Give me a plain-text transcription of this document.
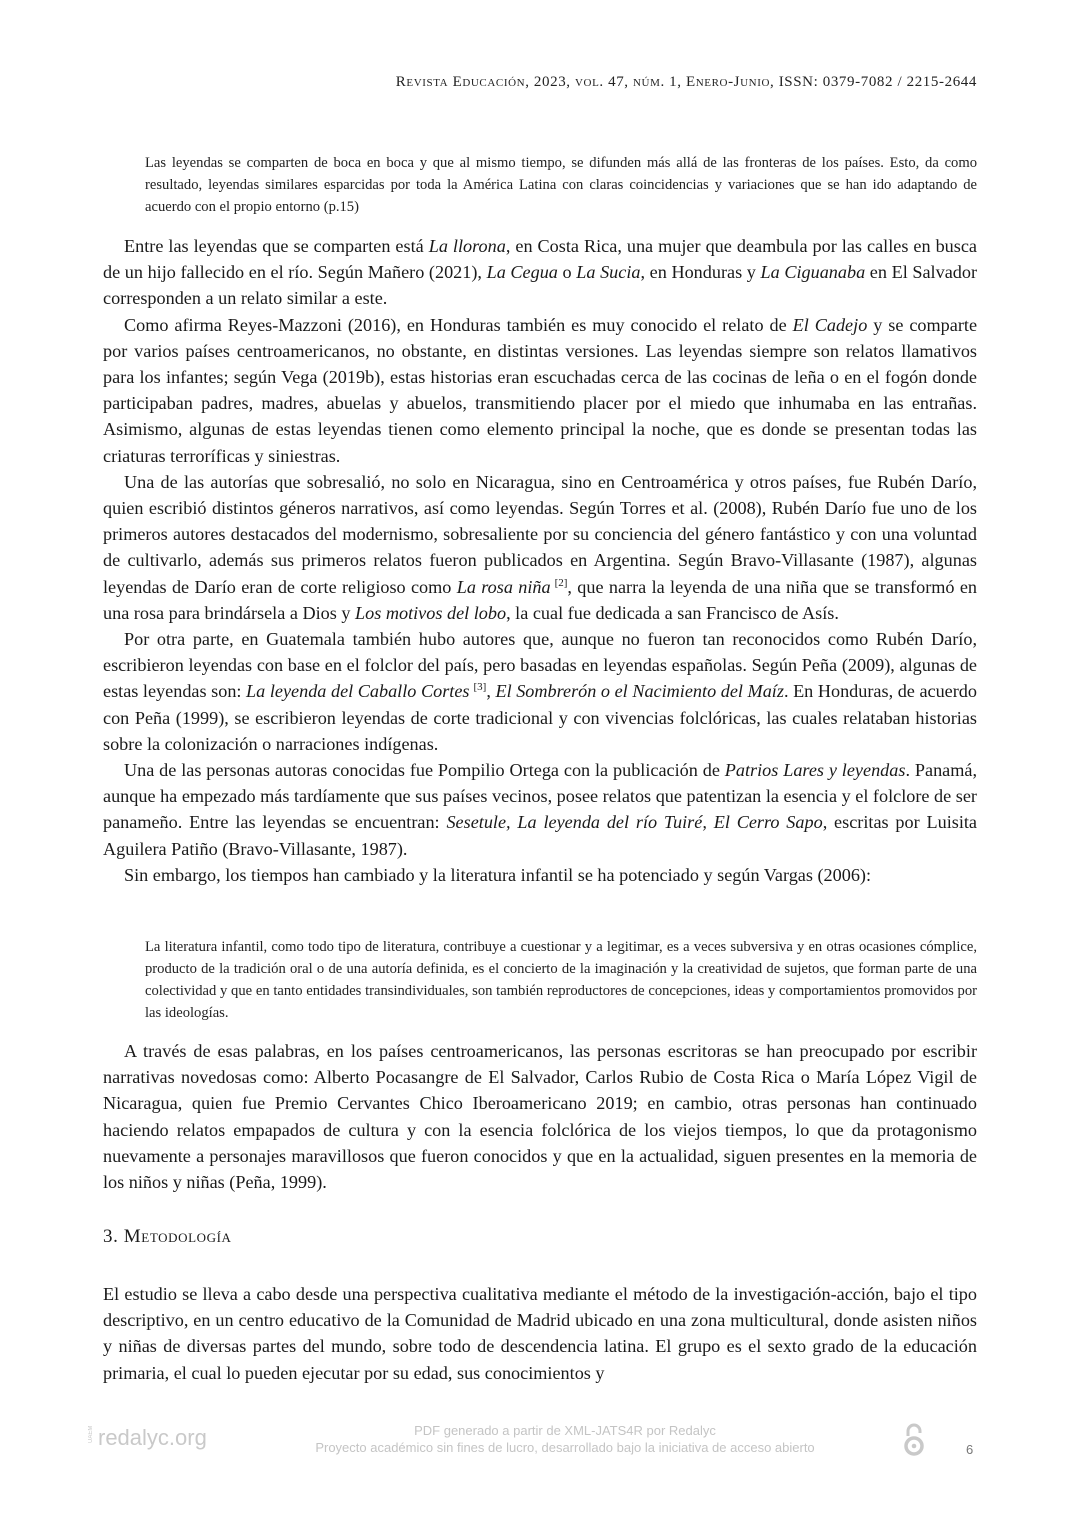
Revista Educación, 2023, vol. 47, núm. 1, Enero-Junio, ISSN: 0379-7082 / 2215-2644
Las leyendas se comparten de boca en boca y que al mismo tiempo, se difunden más allá de las fronteras de los países. Esto, da como resultado, leyendas similares esparcidas por toda la América Latina con claras coincidencias y variaciones que se han ido adaptando de acuerdo con el propio entorno (p.15)

Entre las leyendas que se comparten está La llorona, en Costa Rica, una mujer que deambula por las calles en busca de un hijo fallecido en el río. Según Mañero (2021), La Cegua o La Sucia, en Honduras y La Ciguanaba en El Salvador corresponden a un relato similar a este.

Como afirma Reyes-Mazzoni (2016), en Honduras también es muy conocido el relato de El Cadejo y se comparte por varios países centroamericanos, no obstante, en distintas versiones. Las leyendas siempre son relatos llamativos para los infantes; según Vega (2019b), estas historias eran escuchadas cerca de las cocinas de leña o en el fogón donde participaban padres, madres, abuelas y abuelos, transmitiendo placer por el miedo que inhumaba en las entrañas. Asimismo, algunas de estas leyendas tienen como elemento principal la noche, que es donde se presentan todas las criaturas terroríficas y siniestras.

Una de las autorías que sobresalió, no solo en Nicaragua, sino en Centroamérica y otros países, fue Rubén Darío, quien escribió distintos géneros narrativos, así como leyendas. Según Torres et al. (2008), Rubén Darío fue uno de los primeros autores destacados del modernismo, sobresaliente por su conciencia del género fantástico y con una voluntad de cultivarlo, además sus primeros relatos fueron publicados en Argentina. Según Bravo-Villasante (1987), algunas leyendas de Darío eran de corte religioso como La rosa niña [2], que narra la leyenda de una niña que se transformó en una rosa para brindársela a Dios y Los motivos del lobo, la cual fue dedicada a san Francisco de Asís.

Por otra parte, en Guatemala también hubo autores que, aunque no fueron tan reconocidos como Rubén Darío, escribieron leyendas con base en el folclor del país, pero basadas en leyendas españolas. Según Peña (2009), algunas de estas leyendas son: La leyenda del Caballo Cortes [3], El Sombrerón o el Nacimiento del Maíz. En Honduras, de acuerdo con Peña (1999), se escribieron leyendas de corte tradicional y con vivencias folclóricas, las cuales relataban historias sobre la colonización o narraciones indígenas.

Una de las personas autoras conocidas fue Pompilio Ortega con la publicación de Patrios Lares y leyendas. Panamá, aunque ha empezado más tardíamente que sus países vecinos, posee relatos que patentizan la esencia y el folclore de ser panameño. Entre las leyendas se encuentran: Sesetule, La leyenda del río Tuiré, El Cerro Sapo, escritas por Luisita Aguilera Patiño (Bravo-Villasante, 1987).

Sin embargo, los tiempos han cambiado y la literatura infantil se ha potenciado y según Vargas (2006):

La literatura infantil, como todo tipo de literatura, contribuye a cuestionar y a legitimar, es a veces subversiva y en otras ocasiones cómplice, producto de la tradición oral o de una autoría definida, es el concierto de la imaginación y la creatividad de sujetos, que forman parte de una colectividad y que en tanto entidades transindividuales, son también reproductores de concepciones, ideas y comportamientos promovidos por las ideologías.

A través de esas palabras, en los países centroamericanos, las personas escritoras se han preocupado por escribir narrativas novedosas como: Alberto Pocasangre de El Salvador, Carlos Rubio de Costa Rica o María López Vigil de Nicaragua, quien fue Premio Cervantes Chico Iberoamericano 2019; en cambio, otras personas han continuado haciendo relatos empapados de cultura y con la esencia folclórica de los viejos tiempos, lo que da protagonismo nuevamente a personajes maravillosos que fueron conocidos y que en la actualidad, siguen presentes en la memoria de los niños y niñas (Peña, 1999).

3. Metodología

El estudio se lleva a cabo desde una perspectiva cualitativa mediante el método de la investigación-acción, bajo el tipo descriptivo, en un centro educativo de la Comunidad de Madrid ubicado en una zona multicultural, donde asisten niños y niñas de diversas partes del mundo, sobre todo de descendencia latina. El grupo es el sexto grado de la educación primaria, el cual lo pueden ejecutar por su edad, sus conocimientos y

UAEM redalyc.org	PDF generado a partir de XML-JATS4R por Redalyc
Proyecto académico sin fines de lucro, desarrollado bajo la iniciativa de acceso abierto	6
